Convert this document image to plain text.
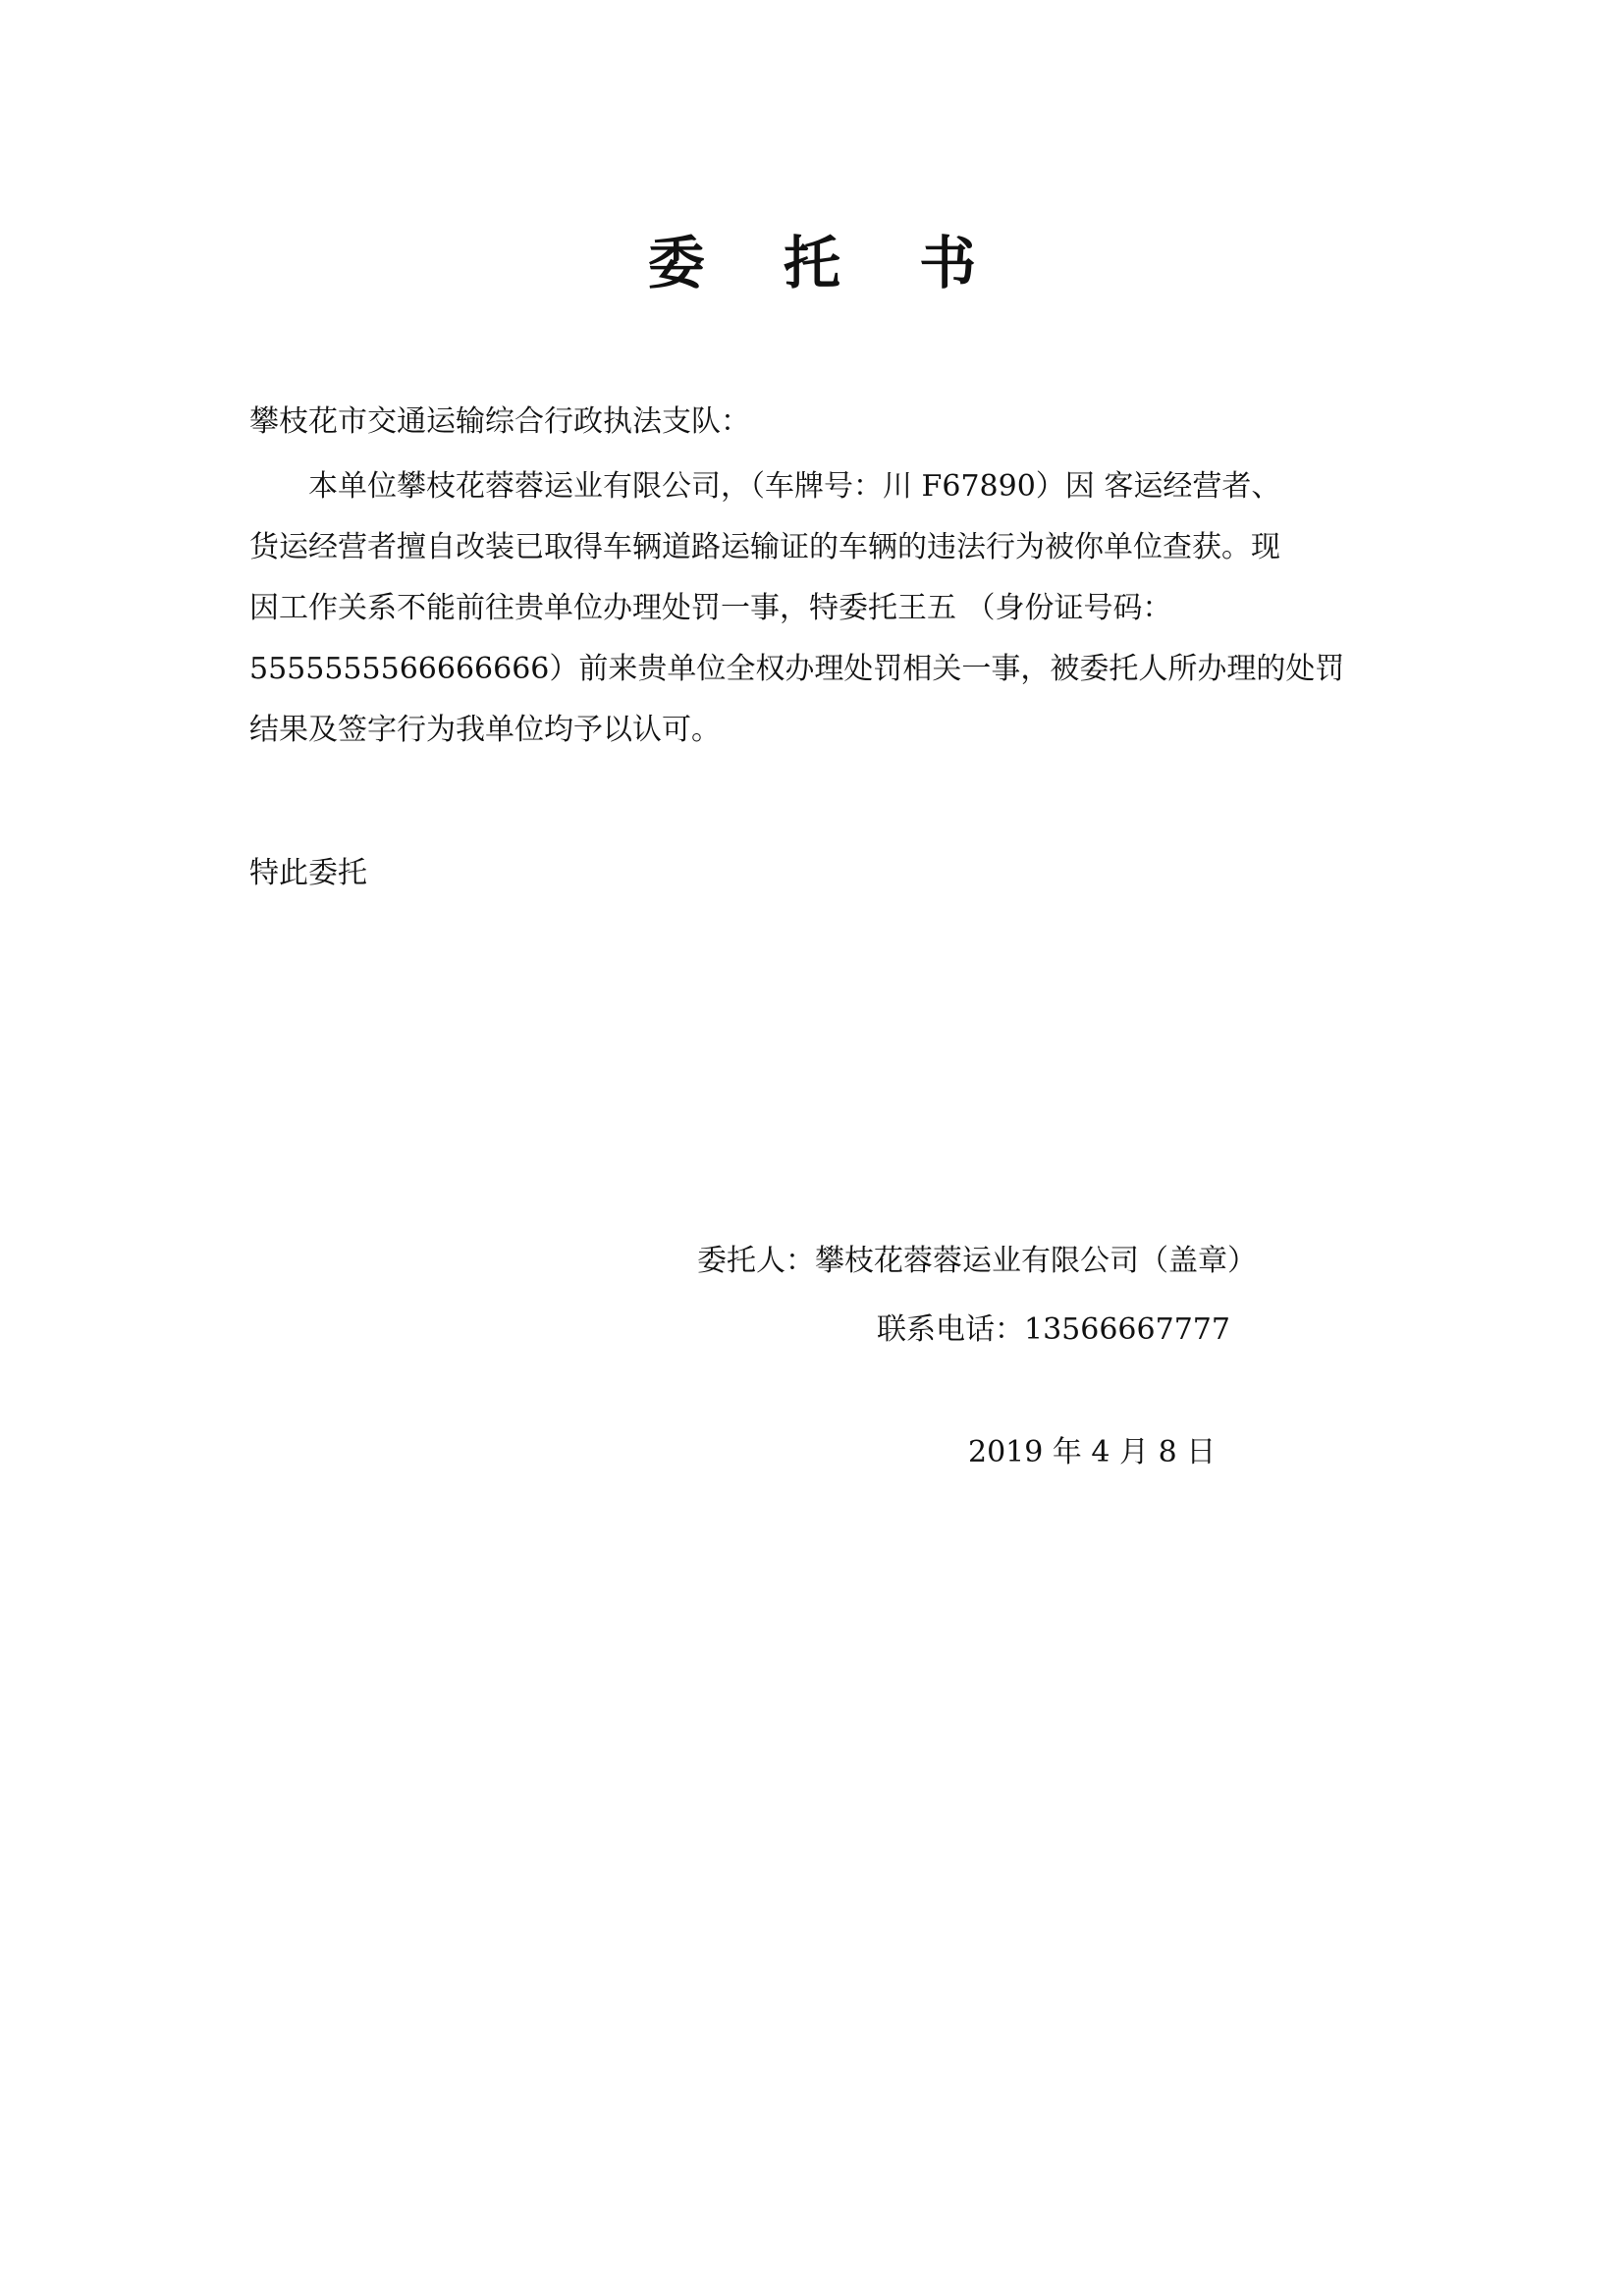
委 托 书

攀枝花市交通运输综合行政执法支队：

本单位攀枝花蓉蓉运业有限公司，（车牌号：川 F67890）因 客运经营者、
货运经营者擅自改装已取得车辆道路运输证的车辆的违法行为被你单位查获。现
因工作关系不能前往贵单位办理处罚一事，特委托王五 （身份证号码：
5555555566666666）前来贵单位全权办理处罚相关一事，被委托人所办理的处罚
结果及签字行为我单位均予以认可。

特此委托

委托人：攀枝花蓉蓉运业有限公司（盖章）

联系电话：13566667777

2019 年 4 月 8 日
